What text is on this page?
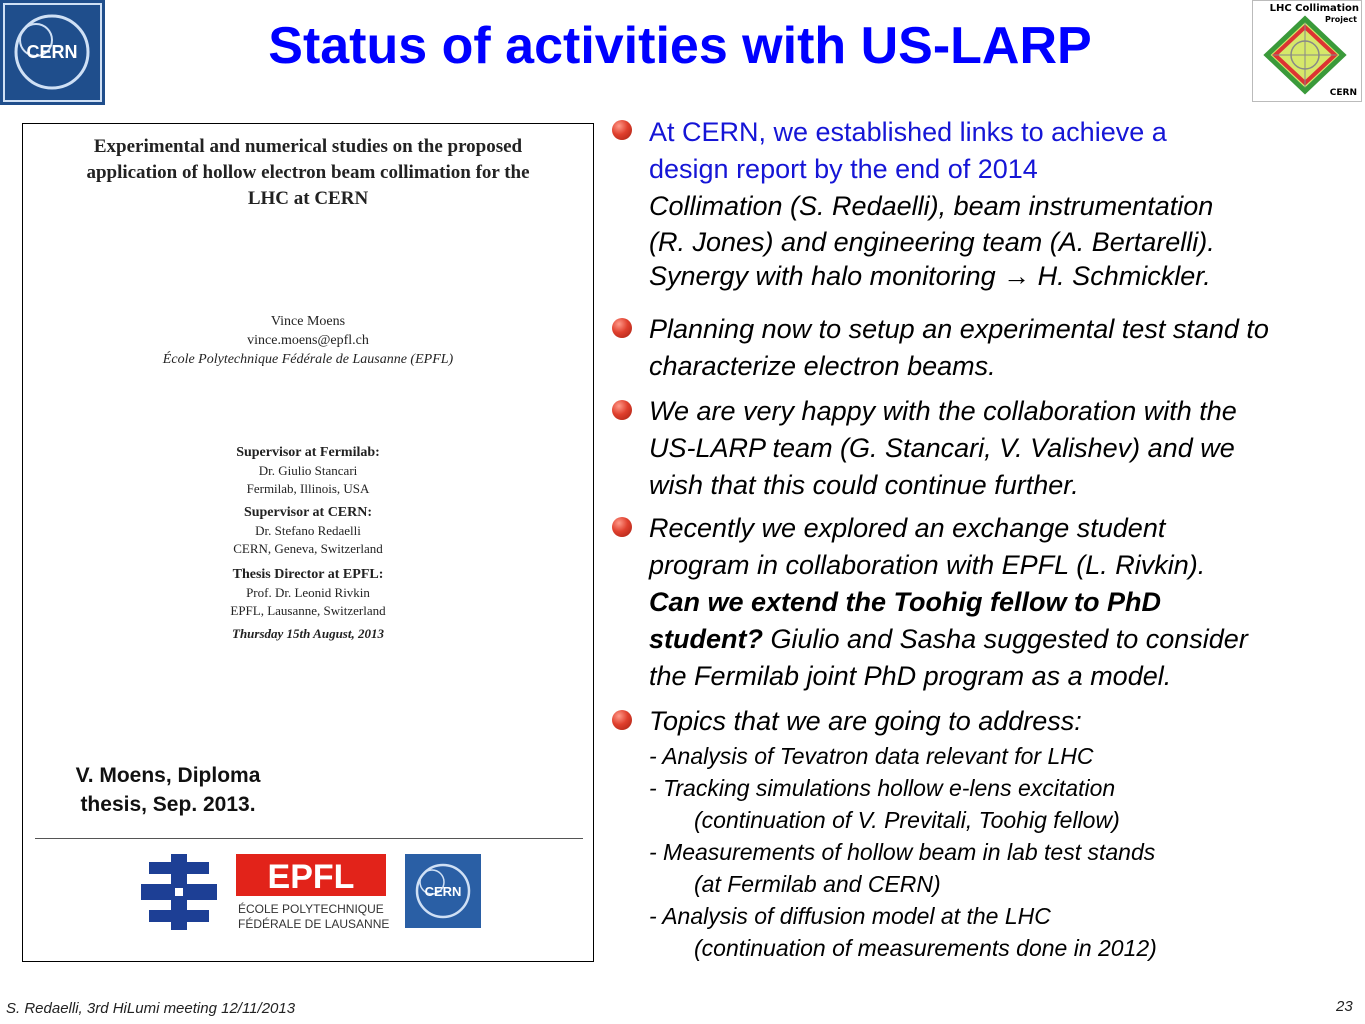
CERN	Status of activities with US-LARP
LHC Collimation
Project
CERN
Experimental and numerical studies on the proposed
application of hollow electron beam collimation for the
LHC at CERN
Vince Moens
vince.moens@epfl.ch
École Polytechnique Fédérale de Lausanne (EPFL)
Supervisor at Fermilab:
Dr. Giulio Stancari
Fermilab, Illinois, USA
Supervisor at CERN:
Dr. Stefano Redaelli
CERN, Geneva, Switzerland
Thesis Director at EPFL:
Prof. Dr. Leonid Rivkin
EPFL, Lausanne, Switzerland
Thursday 15th August, 2013
V. Moens, Diploma
thesis, Sep. 2013.
EPFL
ÉCOLE POLYTECHNIQUE
FÉDÉRALE DE LAUSANNE
CERN
At CERN, we established links to achieve a
design report by the end of 2014
Collimation (S. Redaelli), beam instrumentation
(R. Jones) and engineering team (A. Bertarelli).
Synergy with halo monitoring → H. Schmickler.
Planning now to setup an experimental test stand to
characterize electron beams.
We are very happy with the collaboration with the
US-LARP team (G. Stancari, V. Valishev) and we
wish that this could continue further.
Recently we explored an exchange student
program in collaboration with EPFL (L. Rivkin).
Can we extend the Toohig fellow to PhD
student? Giulio and Sasha suggested to consider
the Fermilab joint PhD program as a model.
Topics that we are going to address:
- Analysis of Tevatron data relevant for LHC
- Tracking simulations hollow e-lens excitation
(continuation of V. Previtali, Toohig fellow)
- Measurements of hollow beam in lab test stands
(at Fermilab and CERN)
- Analysis of diffusion model at the LHC
(continuation of measurements done in 2012)
S. Redaelli, 3rd HiLumi meeting 12/11/2013	23
